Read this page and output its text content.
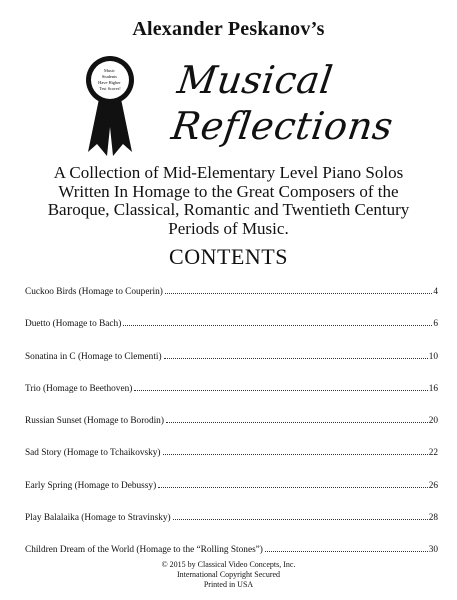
Alexander Peskanov’s
Music Students Have Higher Test Scores! Musical
Reflections
A Collection of Mid-Elementary Level Piano Solos
Written In Homage to the Great Composers of the
Baroque, Classical, Romantic and Twentieth Century
Periods of Music.
CONTENTS
Cuckoo Birds (Homage to Couperin)	4
Duetto (Homage to Bach)	6
Sonatina in C (Homage to Clementi)	10
Trio (Homage to Beethoven)	16
Russian Sunset (Homage to Borodin)	20
Sad Story (Homage to Tchaikovsky)	22
Early Spring (Homage to Debussy)	26
Play Balalaika (Homage to Stravinsky)	28
Children Dream of the World (Homage to the “Rolling Stones”)	30
© 2015 by Classical Video Concepts, Inc.
International Copyright Secured
Printed in USA
